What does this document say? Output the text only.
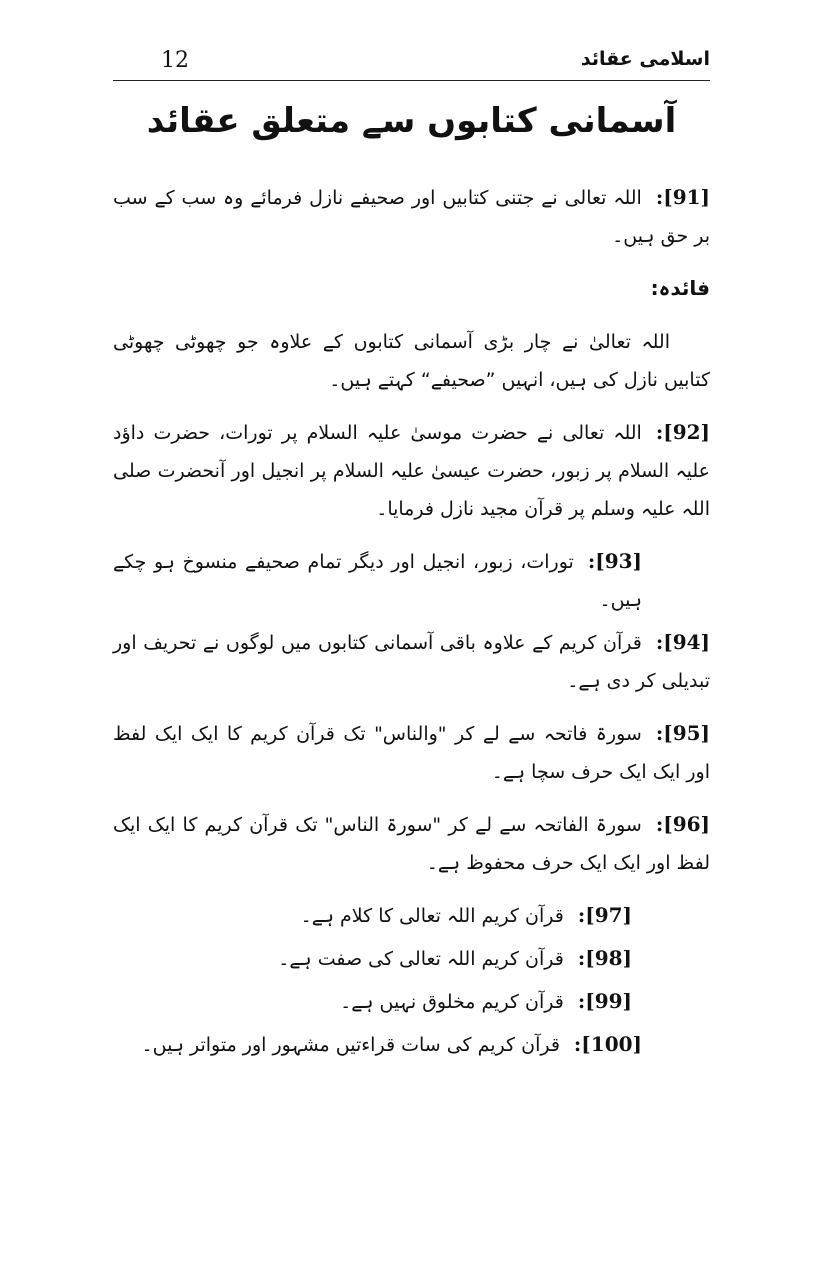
12	اسلامی عقائد
آسمانی کتابوں سے متعلق عقائد

[91]:اللہ تعالی نے جتنی کتابیں اور صحیفے نازل فرمائے وہ سب کے سب بر حق ہیں۔

فائدہ:

اللہ تعالیٰ نے چار بڑی آسمانی کتابوں کے علاوہ جو چھوٹی چھوٹی کتابیں نازل کی ہیں، انہیں ”صحیفے“ کہتے ہیں۔

[92]:اللہ تعالی نے حضرت موسیٰ علیہ السلام پر تورات، حضرت داؤد علیہ السلام پر زبور، حضرت عیسیٰ علیہ السلام پر انجیل اور آنحضرت صلی اللہ علیہ وسلم پر قرآن مجید نازل فرمایا۔

[93]:تورات، زبور، انجیل اور دیگر تمام صحیفے منسوخ ہو چکے ہیں۔

[94]:قرآن کریم کے علاوہ باقی آسمانی کتابوں میں لوگوں نے تحریف اور تبدیلی کر دی ہے۔

[95]:سورۃ فاتحہ سے لے کر "والناس" تک قرآن کریم کا ایک ایک لفظ اور ایک ایک حرف سچا ہے۔

[96]:سورۃ الفاتحہ سے لے کر "سورۃ الناس" تک قرآن کریم کا ایک ایک لفظ اور ایک ایک حرف محفوظ ہے۔

[97]:قرآن کریم اللہ تعالی کا کلام ہے۔

[98]:قرآن کریم اللہ تعالی کی صفت ہے۔

[99]:قرآن کریم مخلوق نہیں ہے۔

[100]:قرآن کریم کی سات قراءتیں مشہور اور متواتر ہیں۔
